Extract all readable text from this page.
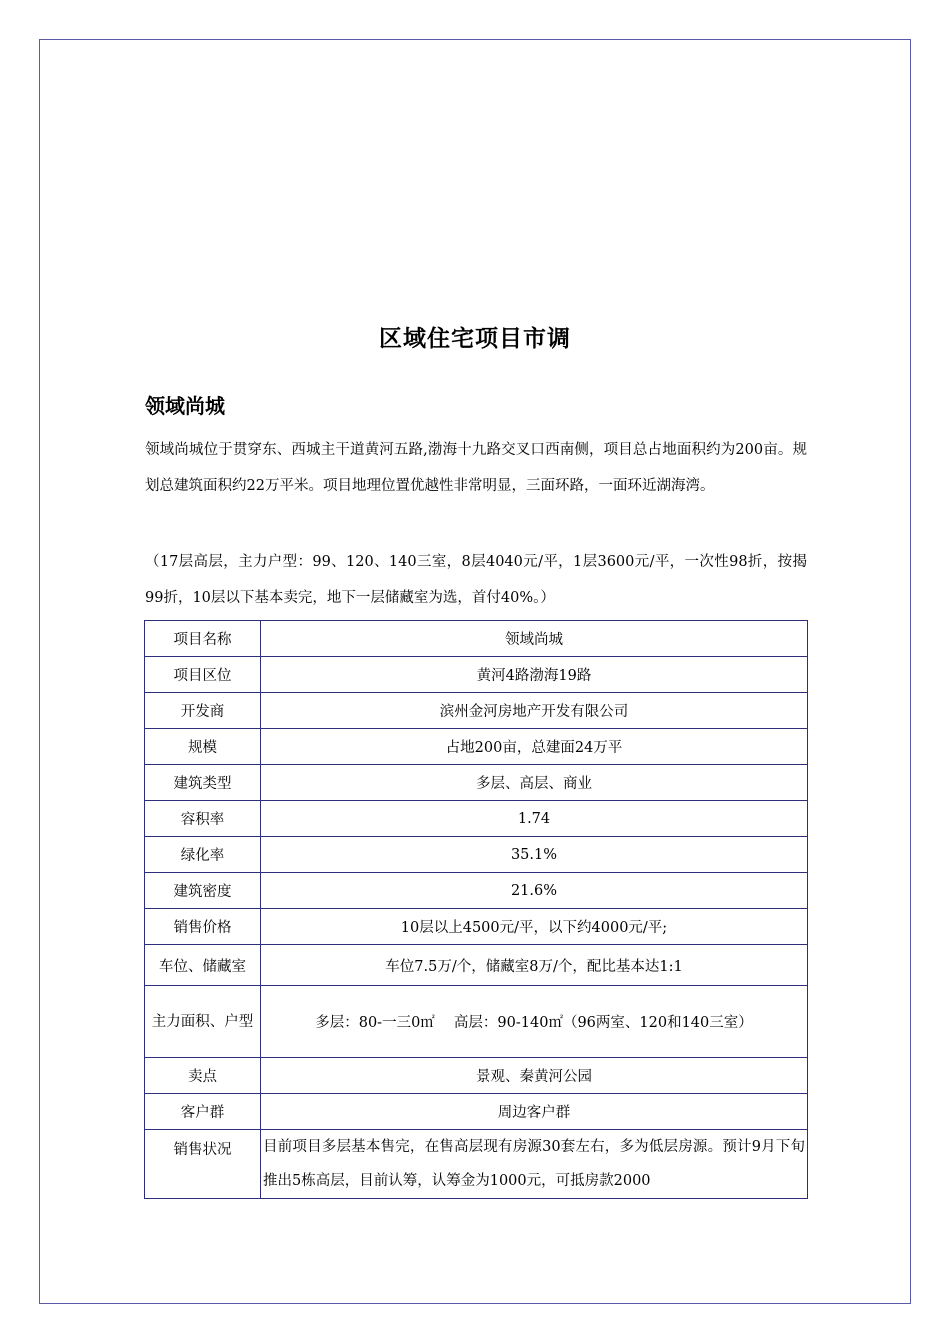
区域住宅项目市调
领域尚城
领域尚城位于贯穿东、西城主干道黄河五路,渤海十九路交叉口西南侧，项目总占地面积约为200亩。规划总建筑面积约22万平米。项目地理位置优越性非常明显，三面环路，一面环近湖海湾。
（17层高层，主力户型：99、120、140三室，8层4040元/平，1层3600元/平，一次性98折，按揭99折，10层以下基本卖完，地下一层储藏室为选，首付40%。）
项目名称	领域尚城
项目区位	黄河4路渤海19路
开发商	滨州金河房地产开发有限公司
规模	占地200亩，总建面24万平
建筑类型	多层、高层、商业
容积率	1.74
绿化率	35.1%
建筑密度	21.6%
销售价格	10层以上4500元/平，以下约4000元/平;
车位、储藏室	车位7.5万/个，储藏室8万/个，配比基本达1:1
主力面积、户型	多层：80-一三0㎡　 高层：90-140㎡（96两室、120和140三室）
卖点	景观、秦黄河公园
客户群	周边客户群
销售状况	目前项目多层基本售完，在售高层现有房源30套左右，多为低层房源。预计9月下旬推出5栋高层，目前认筹，认筹金为1000元，可抵房款2000
